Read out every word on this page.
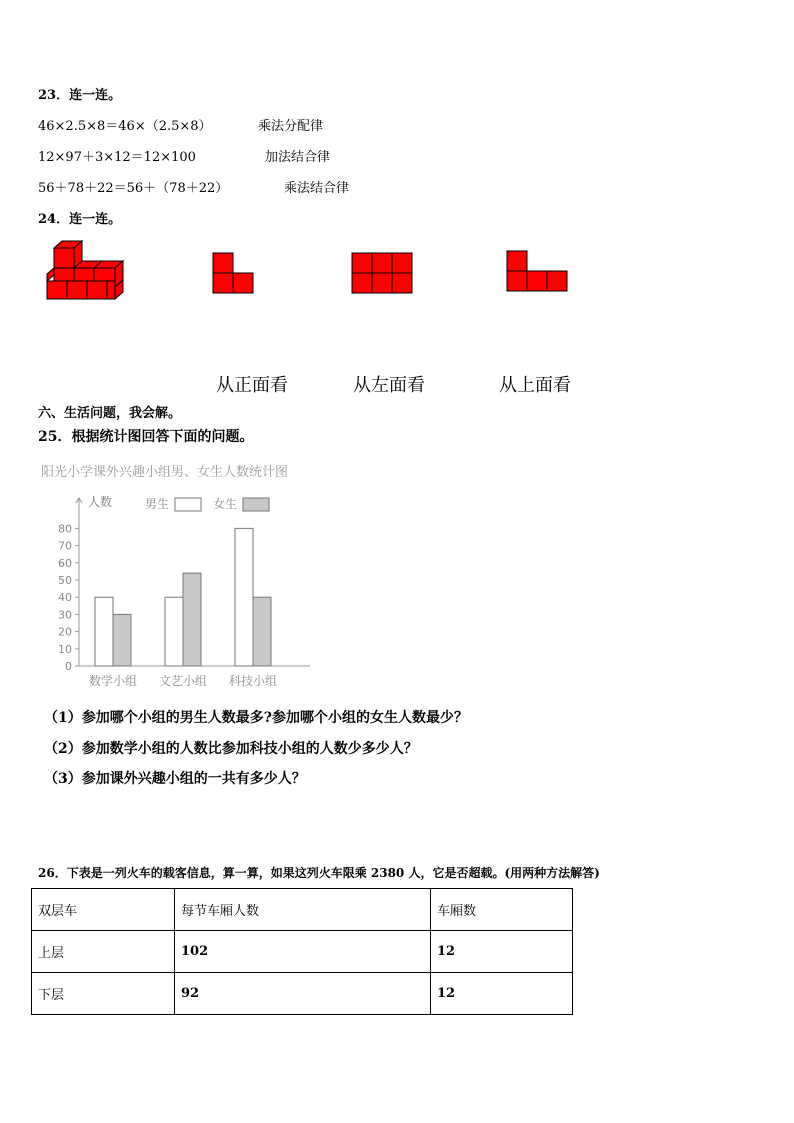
23．连一连。
46×2.5×8＝46×（2.5×8）	乘法分配律
12×97＋3×12＝12×100	加法结合律
56＋78＋22＝56＋（78＋22）	乘法结合律
24．连一连。
从正面看	从左面看	从上面看
六、生活问题，我会解。
25．根据统计图回答下面的问题。
阳光小学课外兴趣小组男、女生人数统计图
人数	男生	女生
0
10
20
30
40
50
60
70
80
数学小组 文艺小组 科技小组
（1）参加哪个小组的男生人数最多?参加哪个小组的女生人数最少？
（2）参加数学小组的人数比参加科技小组的人数少多少人？
（3）参加课外兴趣小组的一共有多少人？
26．下表是一列火车的载客信息，算一算，如果这列火车限乘 2380 人，它是否超载。(用两种方法解答)
双层车	每节车厢人数	车厢数
上层	102	12
下层	92	12
